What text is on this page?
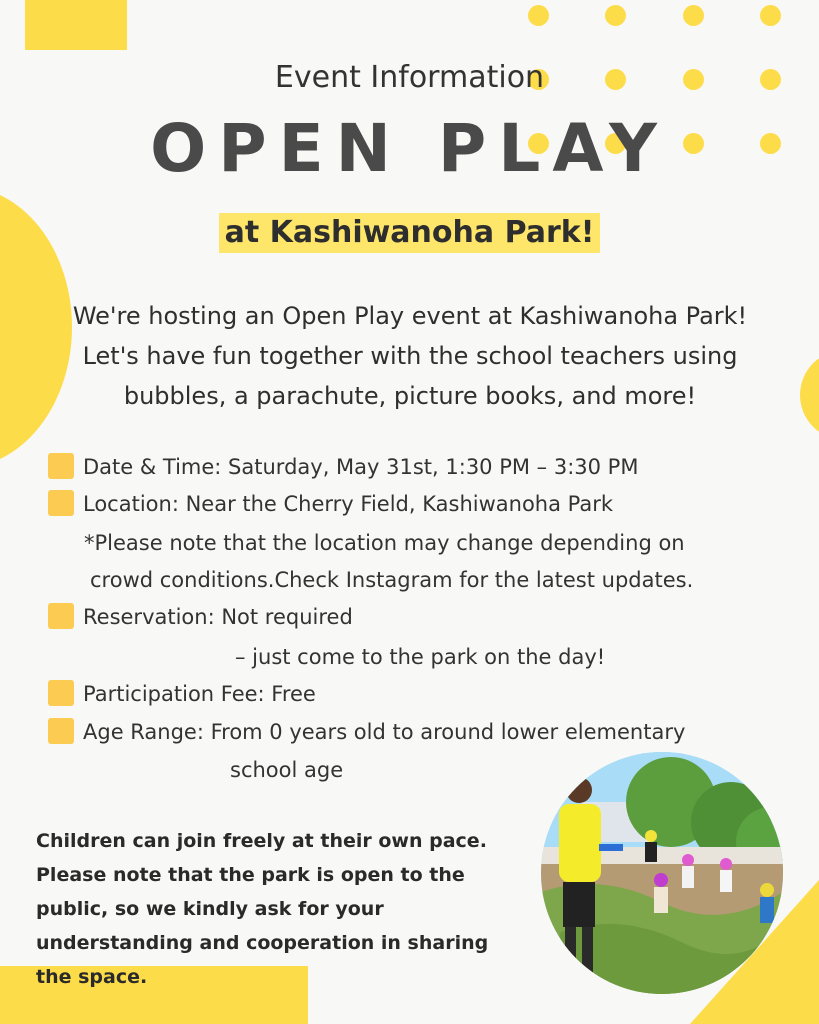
Event Information
OPEN PLAY
at Kashiwanoha Park!
We're hosting an Open Play event at Kashiwanoha Park!
Let's have fun together with the school teachers using
bubbles, a parachute, picture books, and more!
Date & Time: Saturday, May 31st, 1:30 PM – 3:30 PM
Location: Near the Cherry Field, Kashiwanoha Park
*Please note that the location may change depending on
crowd conditions.Check Instagram for the latest updates.
Reservation: Not required
– just come to the park on the day!
Participation Fee: Free
Age Range: From 0 years old to around lower elementary
school age
Children can join freely at their own pace.
Please note that the park is open to the
public, so we kindly ask for your
understanding and cooperation in sharing
the space.
